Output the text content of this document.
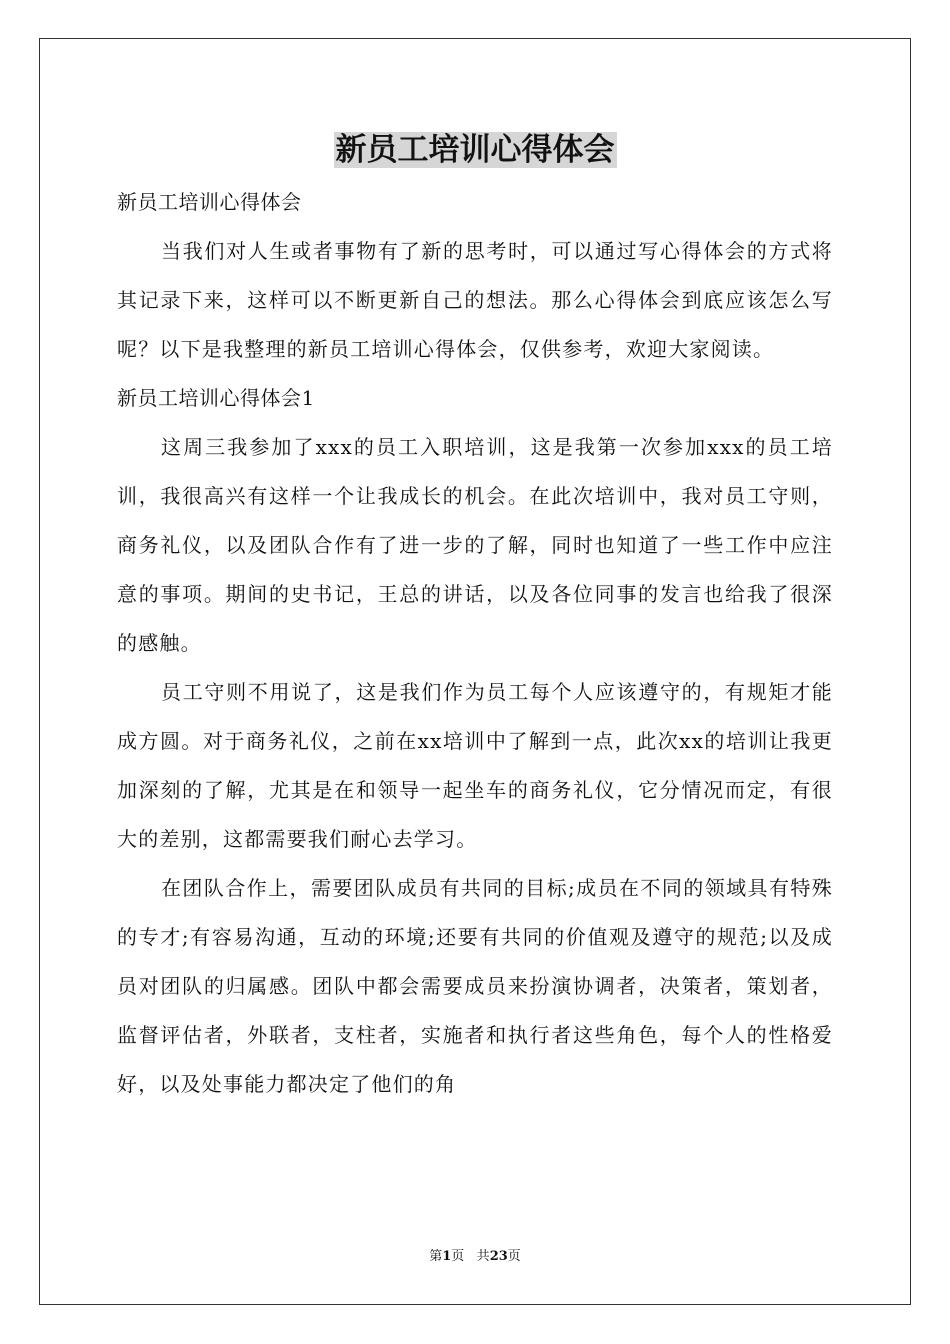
新员工培训心得体会

新员工培训心得体会

当我们对人生或者事物有了新的思考时，可以通过写心得体会的方式将其记录下来，这样可以不断更新自己的想法。那么心得体会到底应该怎么写呢？以下是我整理的新员工培训心得体会，仅供参考，欢迎大家阅读。

新员工培训心得体会1

这周三我参加了xxx的员工入职培训，这是我第一次参加xxx的员工培训，我很高兴有这样一个让我成长的机会。在此次培训中，我对员工守则，商务礼仪，以及团队合作有了进一步的了解，同时也知道了一些工作中应注意的事项。期间的史书记，王总的讲话，以及各位同事的发言也给我了很深的感触。

员工守则不用说了，这是我们作为员工每个人应该遵守的，有规矩才能成方圆。对于商务礼仪，之前在xx培训中了解到一点，此次xx的培训让我更加深刻的了解，尤其是在和领导一起坐车的商务礼仪，它分情况而定，有很大的差别，这都需要我们耐心去学习。

在团队合作上，需要团队成员有共同的目标;成员在不同的领域具有特殊的专才;有容易沟通，互动的环境;还要有共同的价值观及遵守的规范;以及成员对团队的归属感。团队中都会需要成员来扮演协调者，决策者，策划者，监督评估者，外联者，支柱者，实施者和执行者这些角色，每个人的性格爱好，以及处事能力都决定了他们的角

第1页 共23页
